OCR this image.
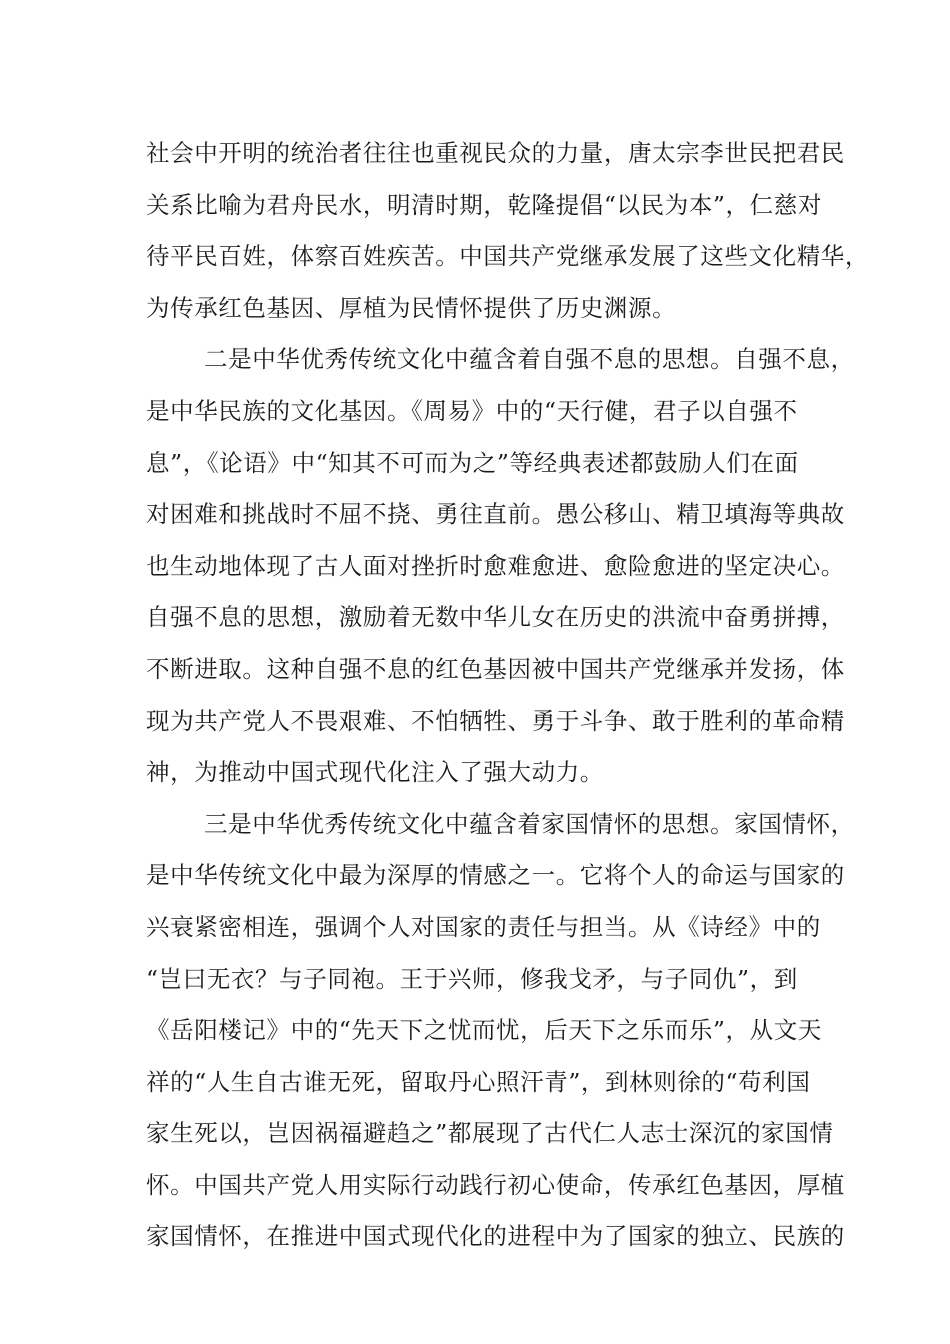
社会中开明的统治者往往也重视民众的力量，唐太宗李世民把君民
关系比喻为君舟民水，明清时期，乾隆提倡“以民为本”，仁慈对
待平民百姓，体察百姓疾苦。中国共产党继承发展了这些文化精华，
为传承红色基因、厚植为民情怀提供了历史渊源。
二是中华优秀传统文化中蕴含着自强不息的思想。自强不息，
是中华民族的文化基因。《周易》中的“天行健，君子以自强不
息”，《论语》中“知其不可而为之”等经典表述都鼓励人们在面
对困难和挑战时不屈不挠、勇往直前。愚公移山、精卫填海等典故
也生动地体现了古人面对挫折时愈难愈进、愈险愈进的坚定决心。
自强不息的思想，激励着无数中华儿女在历史的洪流中奋勇拼搏，
不断进取。这种自强不息的红色基因被中国共产党继承并发扬，体
现为共产党人不畏艰难、不怕牺牲、勇于斗争、敢于胜利的革命精
神，为推动中国式现代化注入了强大动力。
三是中华优秀传统文化中蕴含着家国情怀的思想。家国情怀，
是中华传统文化中最为深厚的情感之一。它将个人的命运与国家的
兴衰紧密相连，强调个人对国家的责任与担当。从《诗经》中的
“岂曰无衣？与子同袍。王于兴师，修我戈矛，与子同仇”，到
《岳阳楼记》中的“先天下之忧而忧，后天下之乐而乐”，从文天
祥的“人生自古谁无死，留取丹心照汗青”，到林则徐的“苟利国
家生死以，岂因祸福避趋之”都展现了古代仁人志士深沉的家国情
怀。中国共产党人用实际行动践行初心使命，传承红色基因，厚植
家国情怀，在推进中国式现代化的进程中为了国家的独立、民族的
